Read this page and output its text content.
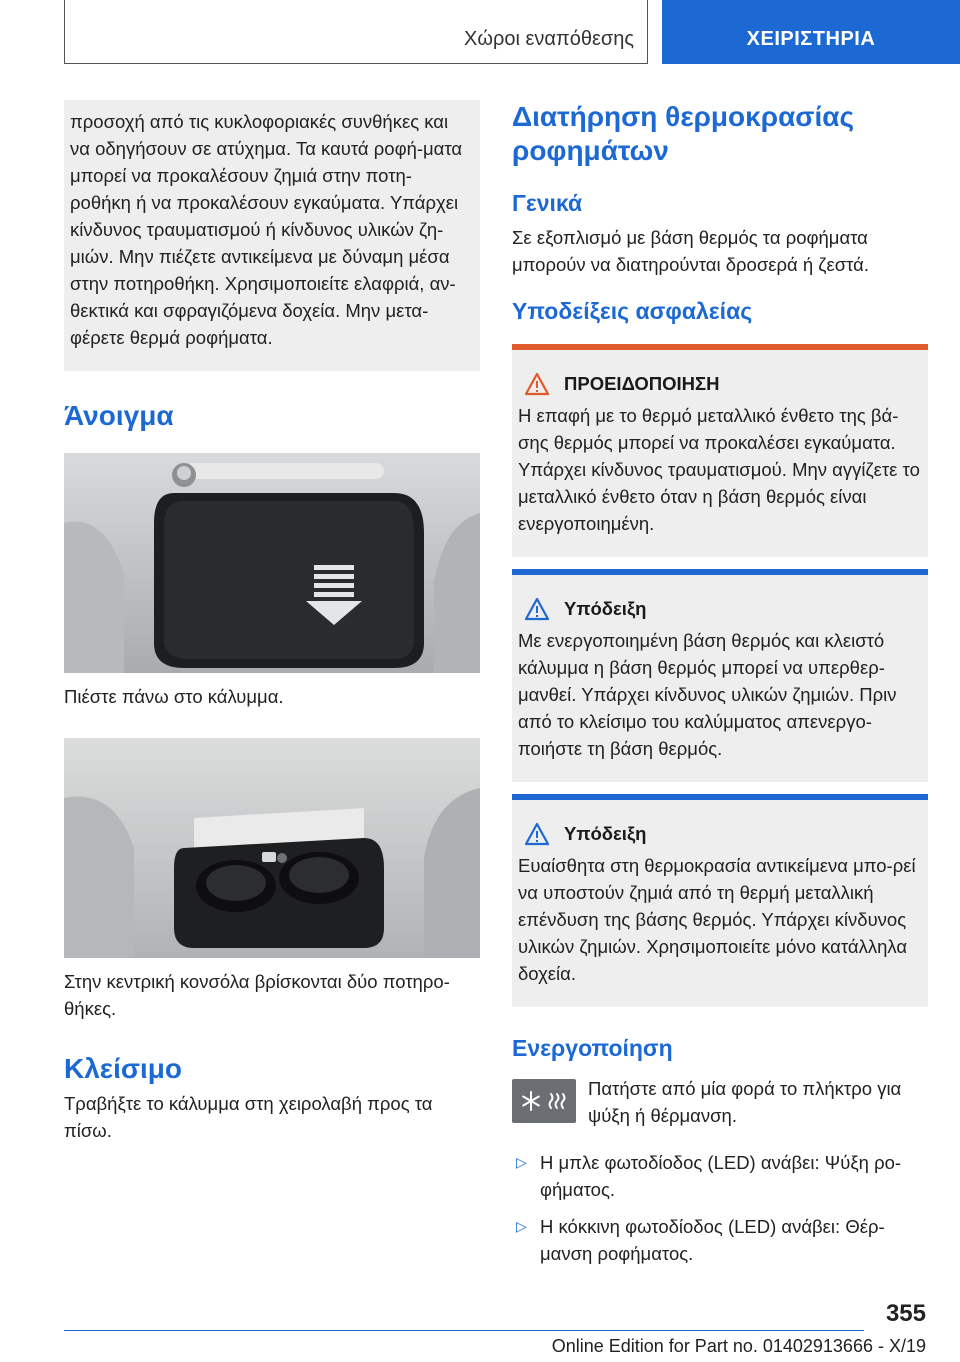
Χώροι εναπόθεσης	ΧΕΙΡΙΣΤΗΡΙΑ

προσοχή από τις κυκλοφοριακές συνθήκες και να οδηγήσουν σε ατύχημα. Τα καυτά ροφή-ματα μπορεί να προκαλέσουν ζημιά στην ποτη-ροθήκη ή να προκαλέσουν εγκαύματα. Υπάρχει κίνδυνος τραυματισμού ή κίνδυνος υλικών ζη-μιών. Μην πιέζετε αντικείμενα με δύναμη μέσα στην ποτηροθήκη. Χρησιμοποιείτε ελαφριά, αν-θεκτικά και σφραγιζόμενα δοχεία. Μην μετα-φέρετε θερμά ροφήματα.

Άνοιγμα

Πιέστε πάνω στο κάλυμμα.

Στην κεντρική κονσόλα βρίσκονται δύο ποτηρο-θήκες.

Κλείσιμο

Τραβήξτε το κάλυμμα στη χειρολαβή προς τα πίσω.

Διατήρηση θερμοκρασίας ροφημάτων
Γενικά

Σε εξοπλισμό με βάση θερμός τα ροφήματα μπορούν να διατηρούνται δροσερά ή ζεστά.

Υποδείξεις ασφαλείας
ΠΡΟΕΙΔΟΠΟΙΗΣΗ

Η επαφή με το θερμό μεταλλικό ένθετο της βά-σης θερμός μπορεί να προκαλέσει εγκαύματα. Υπάρχει κίνδυνος τραυματισμού. Μην αγγίζετε το μεταλλικό ένθετο όταν η βάση θερμός είναι ενεργοποιημένη.

Υπόδειξη

Με ενεργοποιημένη βάση θερμός και κλειστό κάλυμμα η βάση θερμός μπορεί να υπερθερ-μανθεί. Υπάρχει κίνδυνος υλικών ζημιών. Πριν από το κλείσιμο του καλύμματος απενεργο-ποιήστε τη βάση θερμός.

Υπόδειξη

Ευαίσθητα στη θερμοκρασία αντικείμενα μπο-ρεί να υποστούν ζημιά από τη θερμή μεταλλική επένδυση της βάσης θερμός. Υπάρχει κίνδυνος υλικών ζημιών. Χρησιμοποιείτε μόνο κατάλληλα δοχεία.

Ενεργοποίηση

Πατήστε από μία φορά το πλήκτρο για ψύξη ή θέρμανση.

▷ Η μπλε φωτοδίοδος (LED) ανάβει: Ψύξη ρο-φήματος.
▷ Η κόκκινη φωτοδίοδος (LED) ανάβει: Θέρ-μανση ροφήματος.
355
Online Edition for Part no. 01402913666 - X/19
